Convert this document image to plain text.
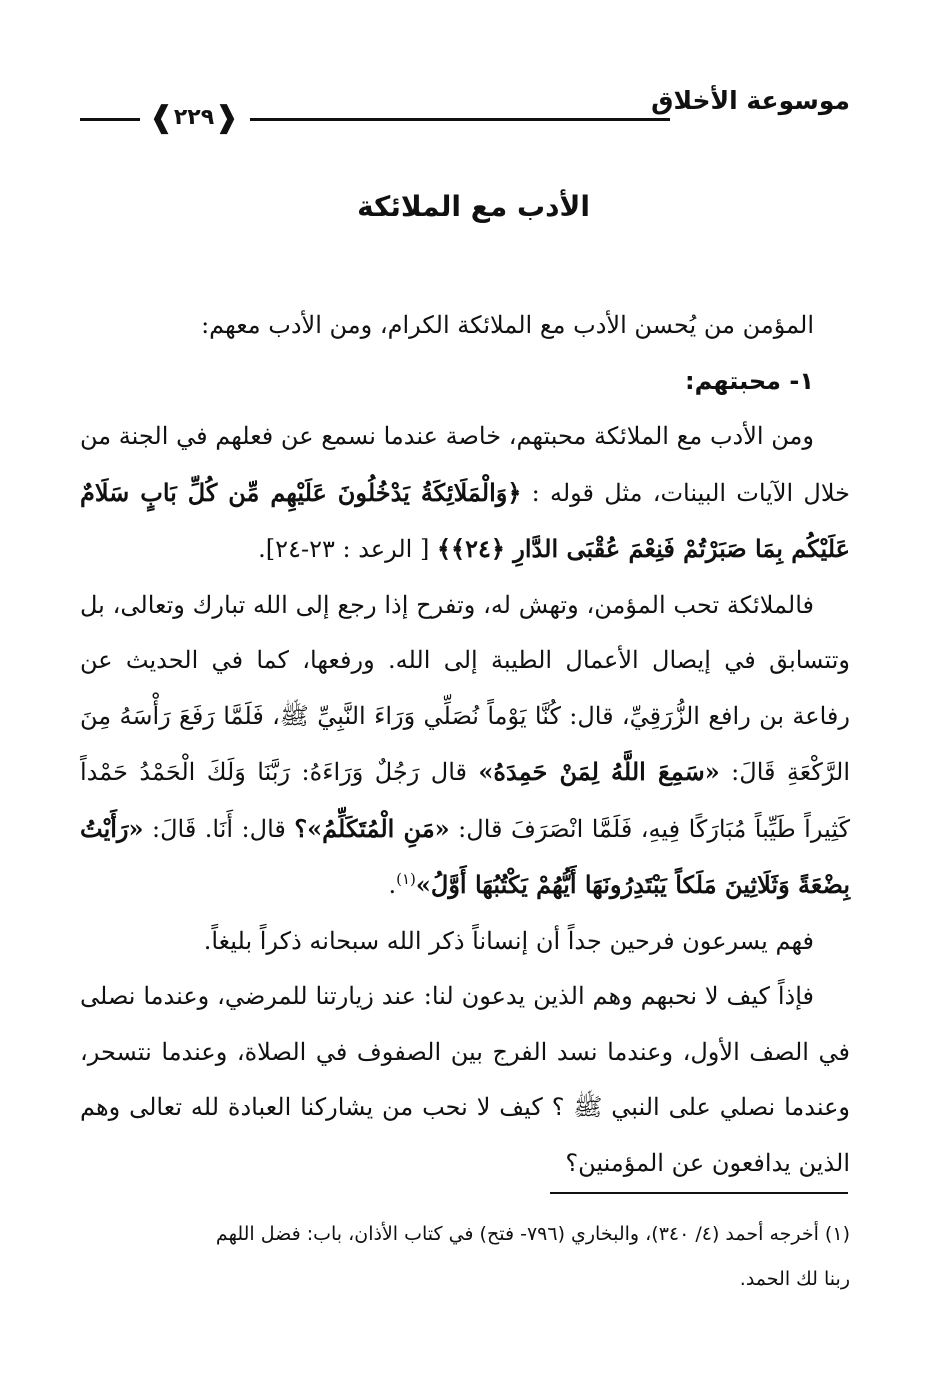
موسوعة الأخلاق
❰ ٢٢٩ ❱
الأدب مع الملائكة

المؤمن من يُحسن الأدب مع الملائكة الكرام، ومن الأدب معهم:

١- محبتهم:

ومن الأدب مع الملائكة محبتهم، خاصة عندما نسمع عن فعلهم في الجنة من خلال الآيات البينات، مثل قوله : ﴿وَالْمَلَائِكَةُ يَدْخُلُونَ عَلَيْهِم مِّن كُلِّ بَابٍ سَلَامٌ عَلَيْكُم بِمَا صَبَرْتُمْ فَنِعْمَ عُقْبَى الدَّارِ ﴿٢٤﴾﴾ [ الرعد : ٢٣-٢٤].

فالملائكة تحب المؤمن، وتهش له، وتفرح إذا رجع إلى الله تبارك وتعالى، بل وتتسابق في إيصال الأعمال الطيبة إلى الله. ورفعها، كما في الحديث عن رفاعة بن رافع الزُّرَقِيِّ، قال: كُنَّا يَوْماً نُصَلِّي وَرَاءَ النَّبِيِّ ﷺ، فَلَمَّا رَفَعَ رَأْسَهُ مِنَ الرَّكْعَةِ قَالَ: «سَمِعَ اللَّهُ لِمَنْ حَمِدَهُ» قال رَجُلٌ وَرَاءَهُ: رَبَّنَا وَلَكَ الْحَمْدُ حَمْداً كَثِيراً طَيِّباً مُبَارَكًا فِيهِ، فَلَمَّا انْصَرَفَ قال: «مَنِ الْمُتَكَلِّمُ»؟ قال: أَنَا. قَالَ: «رَأَيْتُ بِضْعَةً وَثَلَاثِينَ مَلَكاً يَبْتَدِرُونَهَا أَيُّهُمْ يَكْتُبُهَا أَوَّلُ»$^{(١)}$.

فهم يسرعون فرحين جداً أن إنساناً ذكر الله سبحانه ذكراً بليغاً.

فإذاً كيف لا نحبهم وهم الذين يدعون لنا: عند زيارتنا للمرضي، وعندما نصلى في الصف الأول، وعندما نسد الفرج بين الصفوف في الصلاة، وعندما نتسحر، وعندما نصلي على النبي ﷺ ؟ كيف لا نحب من يشاركنا العبادة لله تعالى وهم الذين يدافعون عن المؤمنين؟

(١) أخرجه أحمد (٤/ ٣٤٠)، والبخاري (٧٩٦- فتح) في كتاب الأذان، باب: فضل اللهم

ربنا لك الحمد.
